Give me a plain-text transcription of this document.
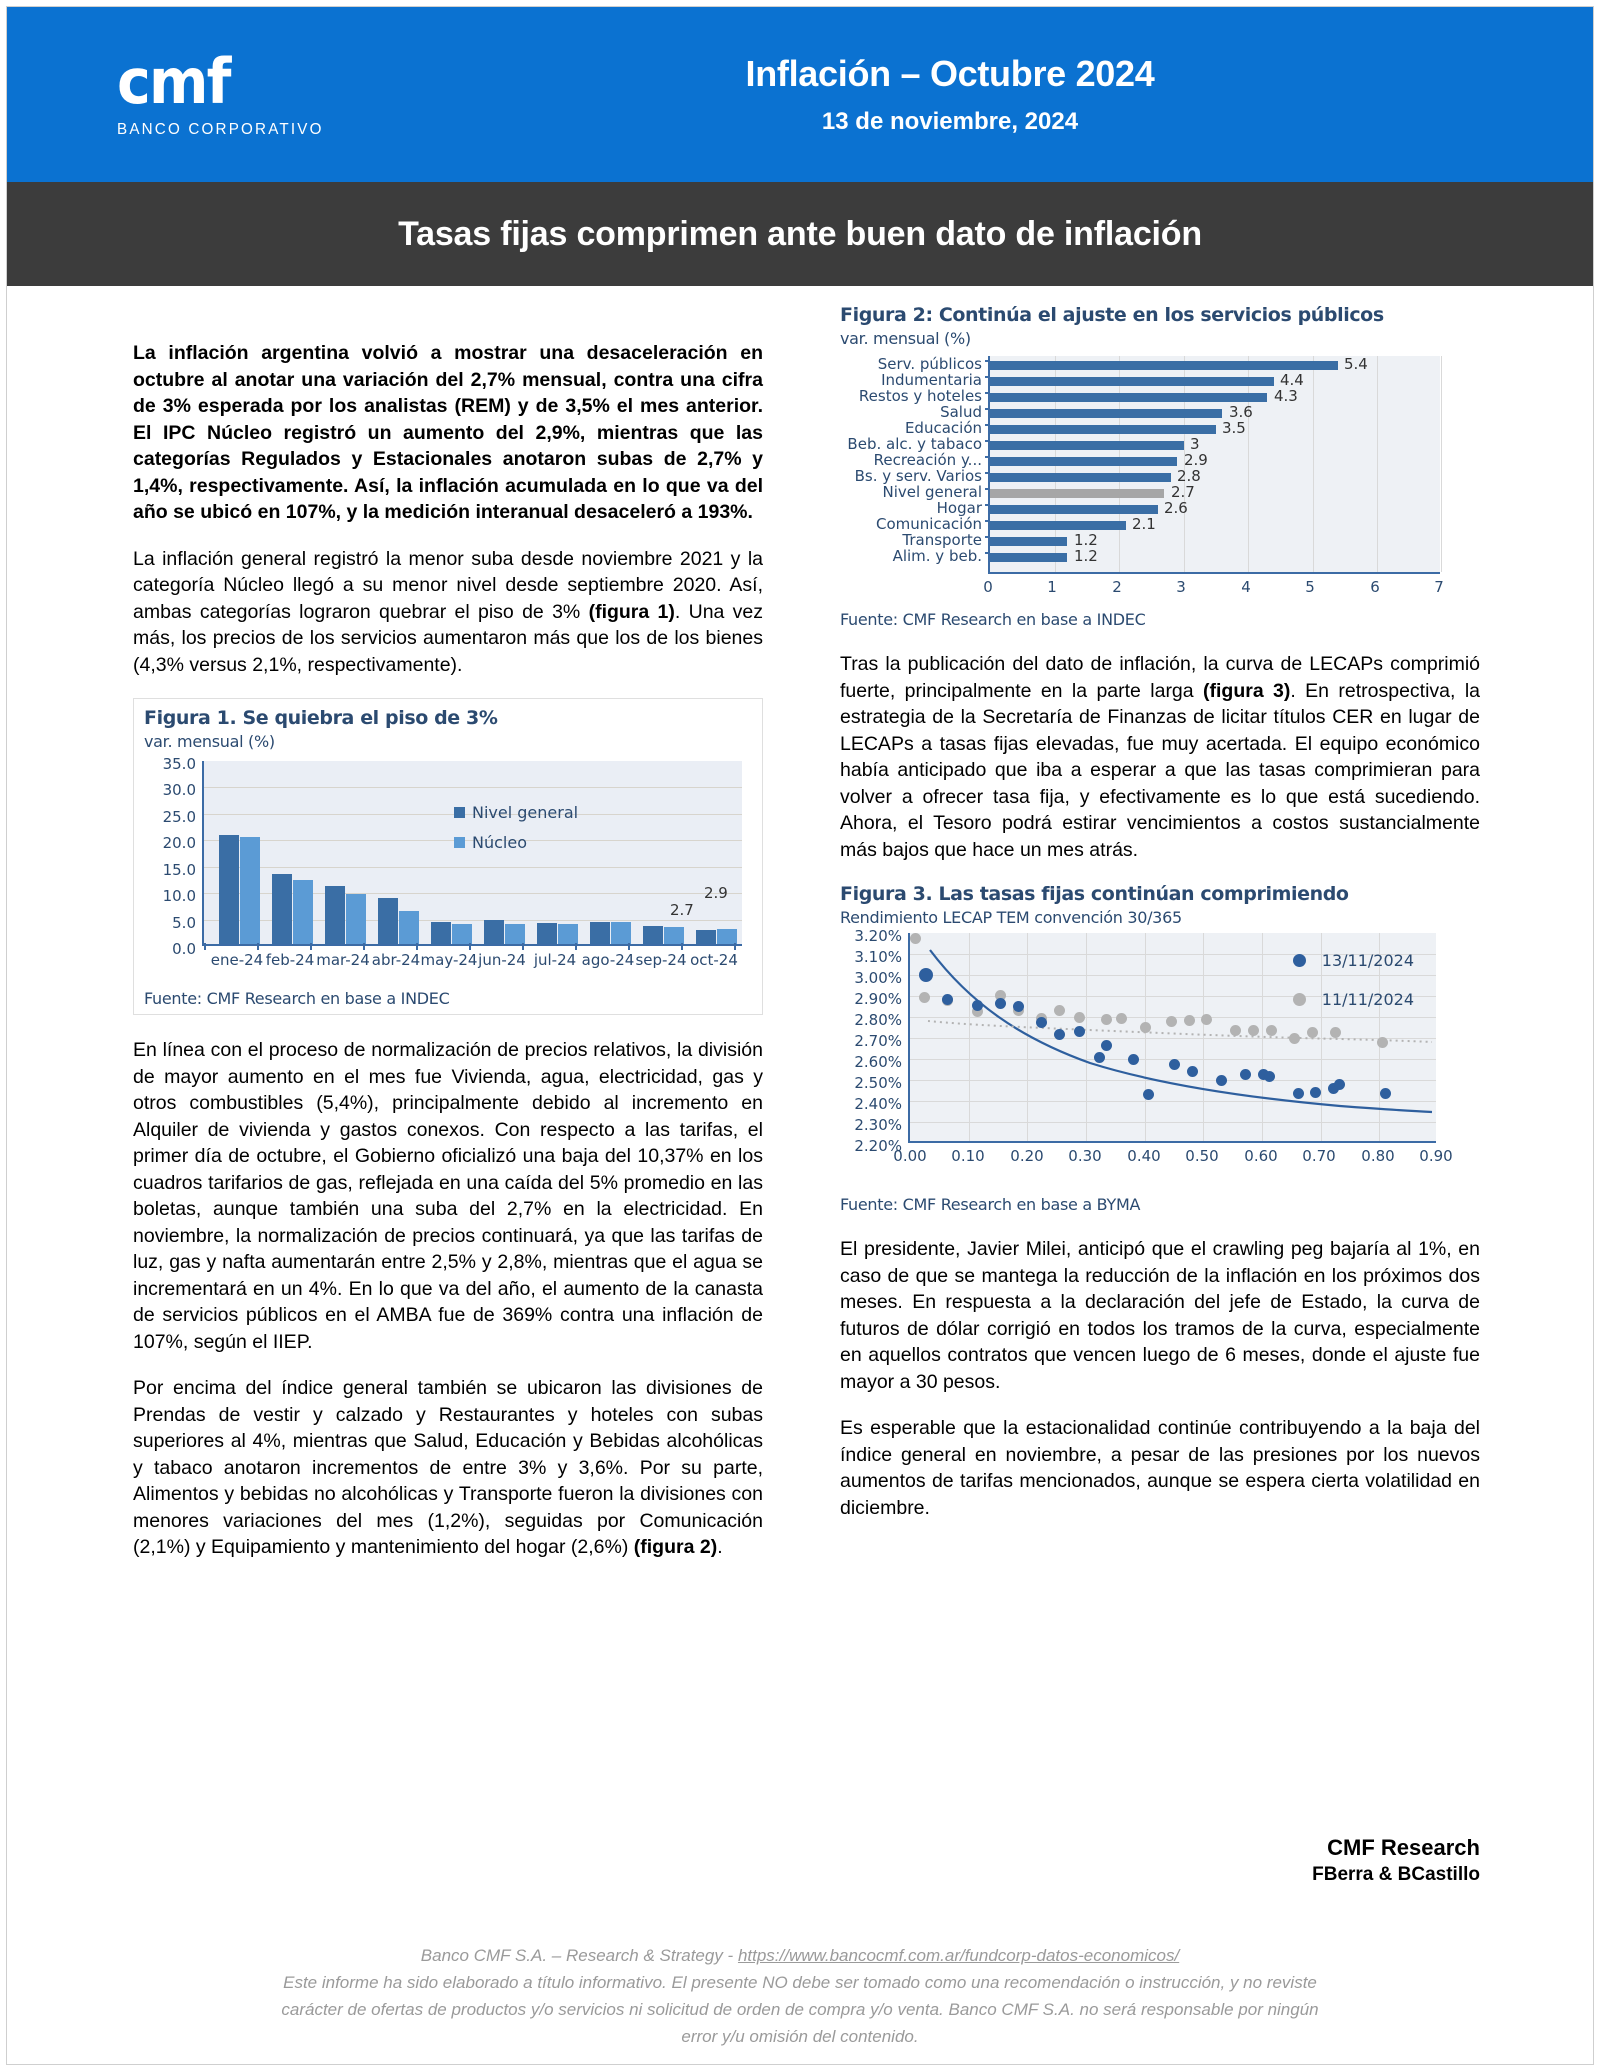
cmf
BANCO CORPORATIVO
Inflación – Octubre 2024
13 de noviembre, 2024
Tasas fijas comprimen ante buen dato de inflación

La inflación argentina volvió a mostrar una desaceleración en octubre al anotar una variación del 2,7% mensual, contra una cifra de 3% esperada por los analistas (REM) y de 3,5% el mes anterior. El IPC Núcleo registró un aumento del 2,9%, mientras que las categorías Regulados y Estacionales anotaron subas de 2,7% y 1,4%, respectivamente. Así, la inflación acumulada en lo que va del año se ubicó en 107%, y la medición interanual desaceleró a 193%.

La inflación general registró la menor suba desde noviembre 2021 y la categoría Núcleo llegó a su menor nivel desde septiembre 2020. Así, ambas categorías lograron quebrar el piso de 3% (figura 1). Una vez más, los precios de los servicios aumentaron más que los de los bienes (4,3% versus 2,1%, respectivamente).

Figura 1. Se quiebra el piso de 3%
var. mensual (%)
35.0
30.0
25.0
20.0
15.0
10.0
5.0
0.0
Nivel general
Núcleo
2.7
2.9
ene-24 feb-24 mar-24 abr-24 may-24 jun-24 jul-24 ago-24 sep-24 oct-24
Fuente: CMF Research en base a INDEC

En línea con el proceso de normalización de precios relativos, la división de mayor aumento en el mes fue Vivienda, agua, electricidad, gas y otros combustibles (5,4%), principalmente debido al incremento en Alquiler de vivienda y gastos conexos. Con respecto a las tarifas, el primer día de octubre, el Gobierno oficializó una baja del 10,37% en los cuadros tarifarios de gas, reflejada en una caída del 5% promedio en las boletas, aunque también una suba del 2,7% en la electricidad. En noviembre, la normalización de precios continuará, ya que las tarifas de luz, gas y nafta aumentarán entre 2,5% y 2,8%, mientras que el agua se incrementará en un 4%. En lo que va del año, el aumento de la canasta de servicios públicos en el AMBA fue de 369% contra una inflación de 107%, según el IIEP.

Por encima del índice general también se ubicaron las divisiones de Prendas de vestir y calzado y Restaurantes y hoteles con subas superiores al 4%, mientras que Salud, Educación y Bebidas alcohólicas y tabaco anotaron incrementos de entre 3% y 3,6%. Por su parte, Alimentos y bebidas no alcohólicas y Transporte fueron la divisiones con menores variaciones del mes (1,2%), seguidas por Comunicación (2,1%) y Equipamiento y mantenimiento del hogar (2,6%) (figura 2).

Figura 2: Continúa el ajuste en los servicios públicos
var. mensual (%)
Serv. públicos
Indumentaria
Restos y hoteles
Salud
Educación
Beb. alc. y tabaco
Recreación y...
Bs. y serv. Varios
Nivel general
Hogar
Comunicación
Transporte
Alim. y beb.
5.4
4.4
4.3
3.6
3.5
3
2.9
2.8
2.7
2.6
2.1
1.2
1.2
0	1	2	3	4	5	6	7
Fuente: CMF Research en base a INDEC

Tras la publicación del dato de inflación, la curva de LECAPs comprimió fuerte, principalmente en la parte larga (figura 3). En retrospectiva, la estrategia de la Secretaría de Finanzas de licitar títulos CER en lugar de LECAPs a tasas fijas elevadas, fue muy acertada. El equipo económico había anticipado que iba a esperar a que las tasas comprimieran para volver a ofrecer tasa fija, y efectivamente es lo que está sucediendo. Ahora, el Tesoro podrá estirar vencimientos a costos sustancialmente más bajos que hace un mes atrás.

Figura 3. Las tasas fijas continúan comprimiendo
Rendimiento LECAP TEM convención 30/365
3.20%
3.10%
3.00%
2.90%
2.80%
2.70%
2.60%
2.50%
2.40%
2.30%
2.20%
13/11/2024
11/11/2024
0.00	0.10	0.20	0.30	0.40	0.50	0.60	0.70	0.80	0.90
Fuente: CMF Research en base a BYMA

El presidente, Javier Milei, anticipó que el crawling peg bajaría al 1%, en caso de que se mantega la reducción de la inflación en los próximos dos meses. En respuesta a la declaración del jefe de Estado, la curva de futuros de dólar corrigió en todos los tramos de la curva, especialmente en aquellos contratos que vencen luego de 6 meses, donde el ajuste fue mayor a 30 pesos.

Es esperable que la estacionalidad continúe contribuyendo a la baja del índice general en noviembre, a pesar de las presiones por los nuevos aumentos de tarifas mencionados, aunque se espera cierta volatilidad en diciembre.

CMF Research
FBerra & BCastillo
Banco CMF S.A. – Research & Strategy - https://www.bancocmf.com.ar/fundcorp-datos-economicos/
Este informe ha sido elaborado a título informativo. El presente NO debe ser tomado como una recomendación o instrucción, y no reviste
carácter de ofertas de productos y/o servicios ni solicitud de orden de compra y/o venta. Banco CMF S.A. no será responsable por ningún
error y/u omisión del contenido.
